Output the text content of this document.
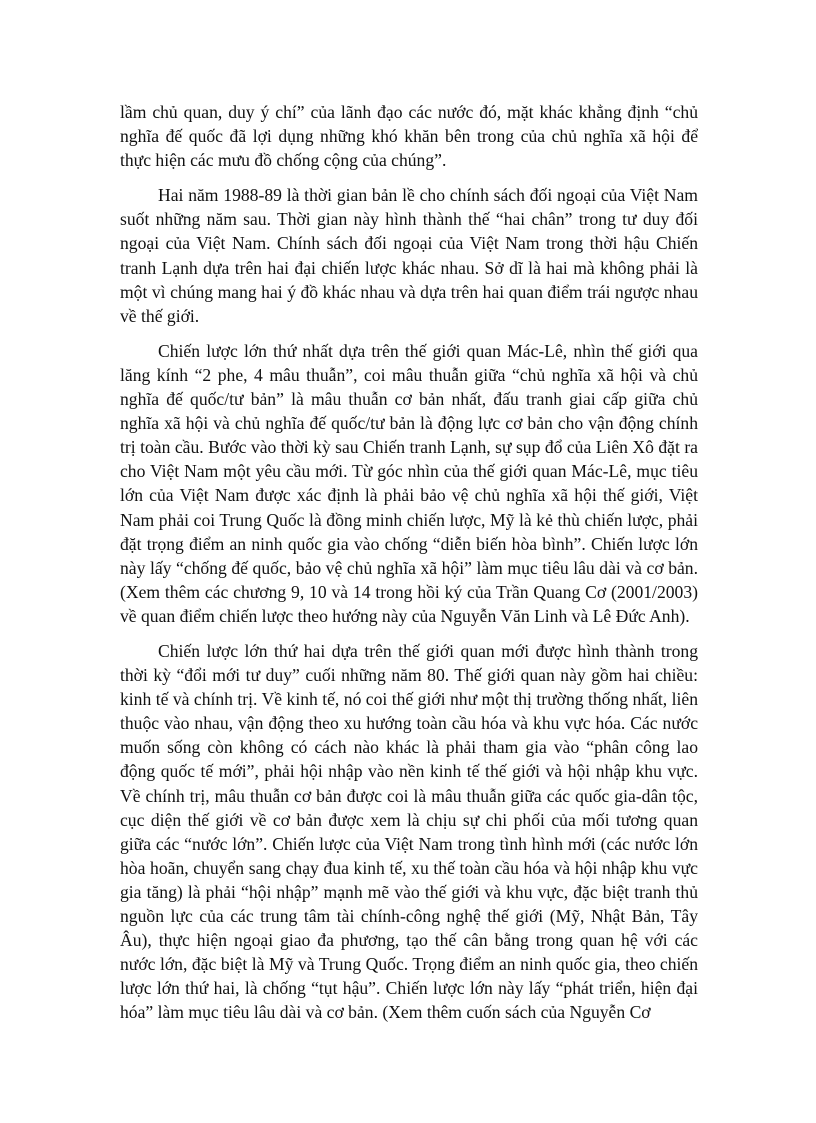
lầm chủ quan, duy ý chí” của lãnh đạo các nước đó, mặt khác khẳng định “chủ nghĩa đế quốc đã lợi dụng những khó khăn bên trong của chủ nghĩa xã hội để thực hiện các mưu đồ chống cộng của chúng”.

Hai năm 1988-89 là thời gian bản lề cho chính sách đối ngoại của Việt Nam suốt những năm sau. Thời gian này hình thành thế “hai chân” trong tư duy đối ngoại của Việt Nam. Chính sách đối ngoại của Việt Nam trong thời hậu Chiến tranh Lạnh dựa trên hai đại chiến lược khác nhau. Sở dĩ là hai mà không phải là một vì chúng mang hai ý đồ khác nhau và dựa trên hai quan điểm trái ngược nhau về thế giới.

Chiến lược lớn thứ nhất dựa trên thế giới quan Mác-Lê, nhìn thế giới qua lăng kính “2 phe, 4 mâu thuẫn”, coi mâu thuẫn giữa “chủ nghĩa xã hội và chủ nghĩa đế quốc/tư bản” là mâu thuẫn cơ bản nhất, đấu tranh giai cấp giữa chủ nghĩa xã hội và chủ nghĩa đế quốc/tư bản là động lực cơ bản cho vận động chính trị toàn cầu. Bước vào thời kỳ sau Chiến tranh Lạnh, sự sụp đổ của Liên Xô đặt ra cho Việt Nam một yêu cầu mới. Từ góc nhìn của thế giới quan Mác-Lê, mục tiêu lớn của Việt Nam được xác định là phải bảo vệ chủ nghĩa xã hội thế giới, Việt Nam phải coi Trung Quốc là đồng minh chiến lược, Mỹ là kẻ thù chiến lược, phải đặt trọng điểm an ninh quốc gia vào chống “diễn biến hòa bình”. Chiến lược lớn này lấy “chống đế quốc, bảo vệ chủ nghĩa xã hội” làm mục tiêu lâu dài và cơ bản. (Xem thêm các chương 9, 10 và 14 trong hồi ký của Trần Quang Cơ (2001/2003) về quan điểm chiến lược theo hướng này của Nguyễn Văn Linh và Lê Đức Anh).

Chiến lược lớn thứ hai dựa trên thế giới quan mới được hình thành trong thời kỳ “đổi mới tư duy” cuối những năm 80. Thế giới quan này gồm hai chiều: kinh tế và chính trị. Về kinh tế, nó coi thế giới như một thị trường thống nhất, liên thuộc vào nhau, vận động theo xu hướng toàn cầu hóa và khu vực hóa. Các nước muốn sống còn không có cách nào khác là phải tham gia vào “phân công lao động quốc tế mới”, phải hội nhập vào nền kinh tế thế giới và hội nhập khu vực. Về chính trị, mâu thuẫn cơ bản được coi là mâu thuẫn giữa các quốc gia-dân tộc, cục diện thế giới về cơ bản được xem là chịu sự chi phối của mối tương quan giữa các “nước lớn”. Chiến lược của Việt Nam trong tình hình mới (các nước lớn hòa hoãn, chuyển sang chạy đua kinh tế, xu thế toàn cầu hóa và hội nhập khu vực gia tăng) là phải “hội nhập” mạnh mẽ vào thế giới và khu vực, đặc biệt tranh thủ nguồn lực của các trung tâm tài chính-công nghệ thế giới (Mỹ, Nhật Bản, Tây Âu), thực hiện ngoại giao đa phương, tạo thế cân bằng trong quan hệ với các nước lớn, đặc biệt là Mỹ và Trung Quốc. Trọng điểm an ninh quốc gia, theo chiến lược lớn thứ hai, là chống “tụt hậu”. Chiến lược lớn này lấy “phát triển, hiện đại hóa” làm mục tiêu lâu dài và cơ bản. (Xem thêm cuốn sách của Nguyễn Cơ
